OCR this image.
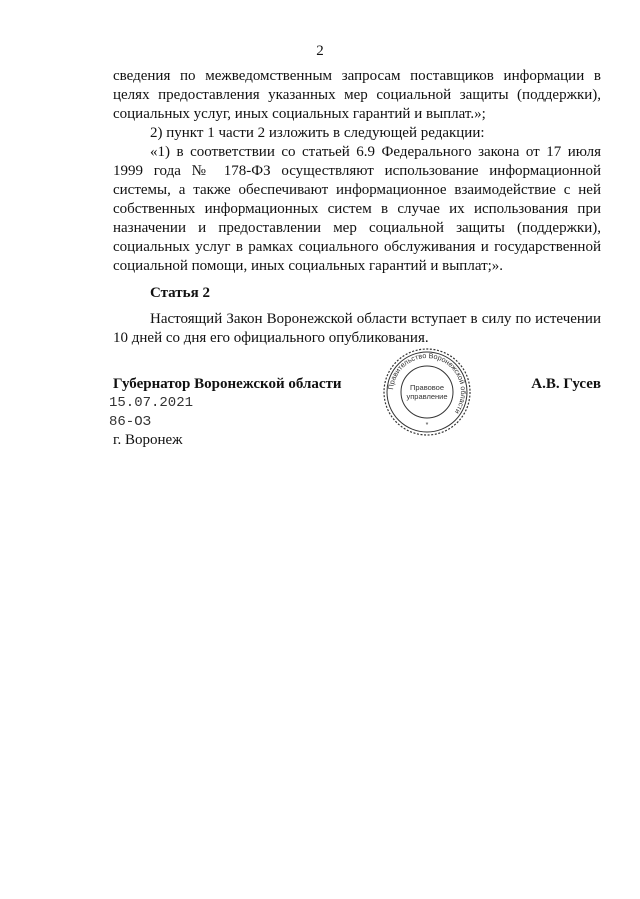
2

сведения по межведомственным запросам поставщиков информации в целях предоставления указанных мер социальной защиты (поддержки), социальных услуг, иных социальных гарантий и выплат.»;

2) пункт 1 части 2 изложить в следующей редакции:

«1) в соответствии со статьей 6.9 Федерального закона от 17 июля 1999 года № 178-ФЗ осуществляют использование информационной системы, а также обеспечивают информационное взаимодействие с ней собственных информационных систем в случае их использования при назначении и предоставлении мер социальной защиты (поддержки), социальных услуг в рамках социального обслуживания и государственной социальной помощи, иных социальных гарантий и выплат;».

Статья 2

Настоящий Закон Воронежской области вступает в силу по истечении 10 дней со дня его официального опубликования.

Губернатор Воронежской области	А.В. Гусев
15.07.2021
86-ОЗ
г. Воронеж
Правительство Воронежской области
Правовое
управление
*
